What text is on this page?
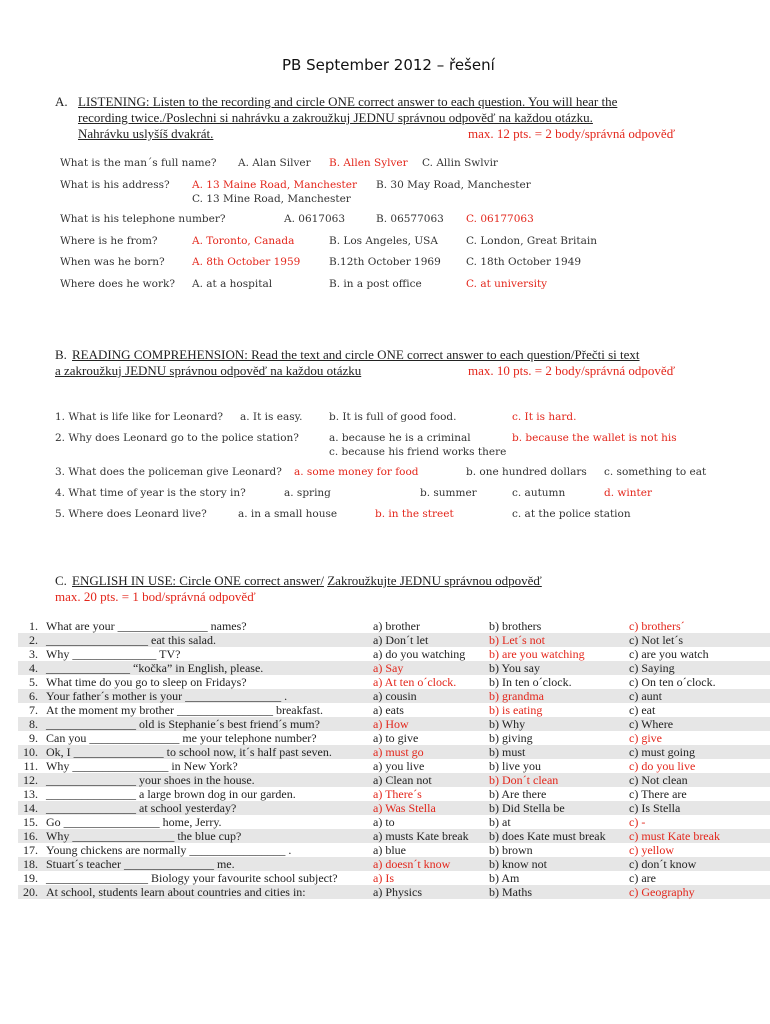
PB September 2012 – řešení
A. LISTENING: Listen to the recording and circle ONE correct answer to each question. You will hear the
recording twice./Poslechni si nahrávku a zakroužkuj JEDNU správnou odpověď na každou otázku.
Nahrávku uslyšíš dvakrát.	max. 12 pts. = 2 body/správná odpověď
What is the man´s full name? A. Alan Silver B. Allen Sylver C. Allin Swlvir
What is his address? A. 13 Maine Road, Manchester B. 30 May Road, Manchester
C. 13 Mine Road, Manchester
What is his telephone number?	A. 0617063	B. 06577063 C. 06177063
Where is he from?	A. Toronto, Canada	B. Los Angeles, USA	C. London, Great Britain
When was he born?	A. 8th October 1959	B.12th October 1969 C. 18th October 1949
Where does he work? A. at a hospital	B. in a post office	C. at university
B. READING COMPREHENSION: Read the text and circle ONE correct answer to each question/Přečti si text
a zakroužkuj JEDNU správnou odpověď na každou otázku	max. 10 pts. = 2 body/správná odpověď
1. What is life like for Leonard? a. It is easy.	b. It is full of good food.	c. It is hard.
2. Why does Leonard go to the police station?	a. because he is a criminal	b. because the wallet is not his
c. because his friend works there
3. What does the policeman give Leonard? a. some money for food	b. one hundred dollars c. something to eat
4. What time of year is the story in?	a. spring	b. summer	c. autumn	d. winter
5. Where does Leonard live?	a. in a small house	b. in the street	c. at the police station
C. ENGLISH IN USE: Circle ONE correct answer/ Zakroužkujte JEDNU správnou odpověď
max. 20 pts. = 1 bod/správná odpověď
1. What are your _______________ names?	a) brother	b) brothers	c) brothers´
2. _________________ eat this salad.	a) Don´t let	b) Let´s not	c) Not let´s
3. Why ______________ TV?	a) do you watching b) are you watching	c) are you watch
4. ______________ “kočka” in English, please.	a) Say	b) You say	c) Saying
5. What time do you go to sleep on Fridays?	a) At ten o´clock.	b) In ten o´clock.	c) On ten o´clock.
6. Your father´s mother is your ________________ .	a) cousin	b) grandma	c) aunt
7. At the moment my brother ________________ breakfast.	a) eats	b) is eating	c) eat
8. _______________ old is Stephanie´s best friend´s mum?	a) How	b) Why	c) Where
9. Can you _______________ me your telephone number?	a) to give	b) giving	c) give
10. Ok, I _______________ to school now, it´s half past seven.	a) must go	b) must	c) must going
11. Why ________________ in New York?	a) you live	b) live you	c) do you live
12. _______________ your shoes in the house.	a) Clean not	b) Don´t clean	c) Not clean
13. _______________ a large brown dog in our garden.	a) There´s	b) Are there	c) There are
14. _______________ at school yesterday?	a) Was Stella	b) Did Stella be	c) Is Stella
15. Go ________________ home, Jerry.	a) to	b) at	c) -
16. Why _________________ the blue cup?	a) musts Kate break b) does Kate must break c) must Kate break
17. Young chickens are normally ________________ .	a) blue	b) brown	c) yellow
18. Stuart´s teacher _______________ me.	a) doesn´t know	b) know not	c) don´t know
19. _________________ Biology your favourite school subject?	a) Is	b) Am	c) are
20. At school, students learn about countries and cities in:	a) Physics	b) Maths	c) Geography
